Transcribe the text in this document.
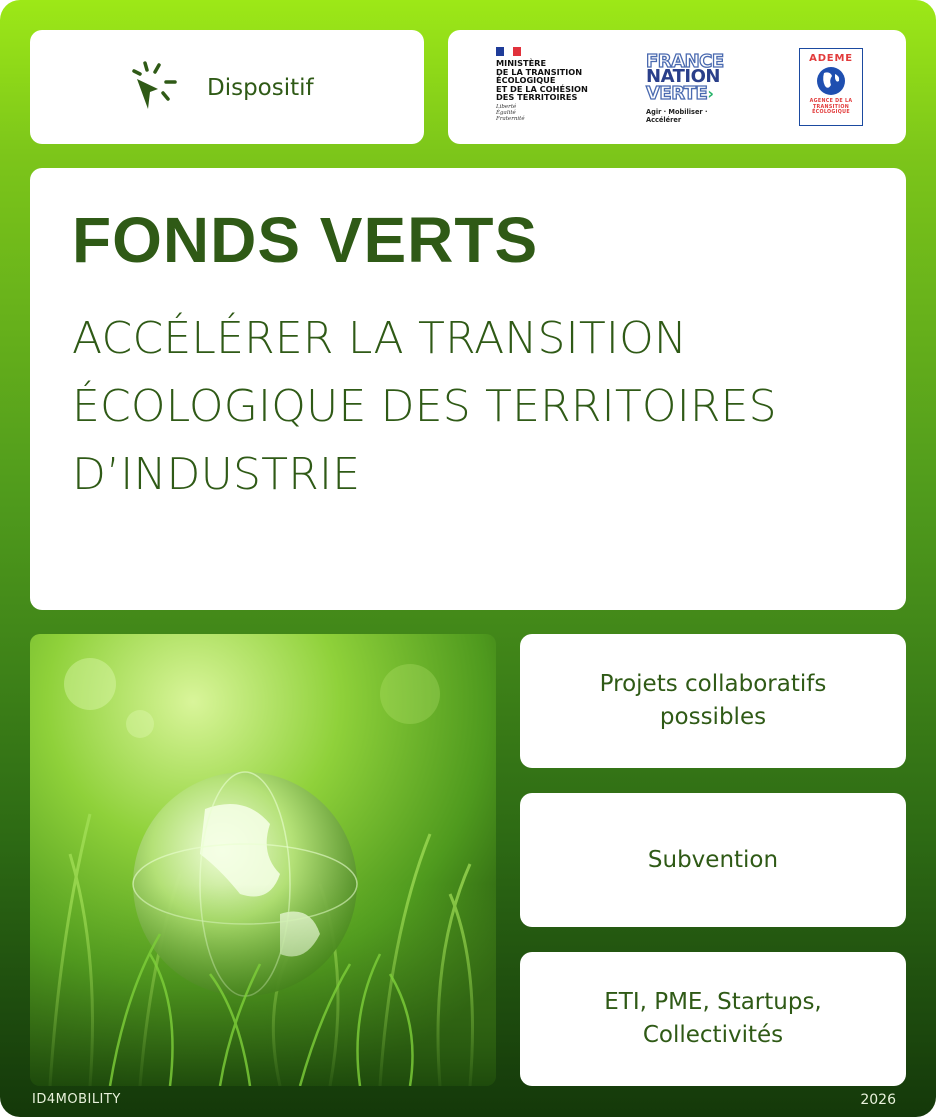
Dispositif
MINISTÈRE
DE LA TRANSITION
ÉCOLOGIQUE
ET DE LA COHÉSION
DES TERRITOIRES
Liberté
Égalité
Fraternité
FRANCE
NATION
VERTE›
Agir · Mobiliser · Accélérer
ADEME
AGENCE DE LA
TRANSITION
ÉCOLOGIQUE
FONDS VERTS
ACCÉLÉRER LA TRANSITION
ÉCOLOGIQUE DES TERRITOIRES
D’INDUSTRIE
Projets collaboratifs
possibles
Subvention
ETI, PME, Startups,
Collectivités
ID4MOBILITY	2026
